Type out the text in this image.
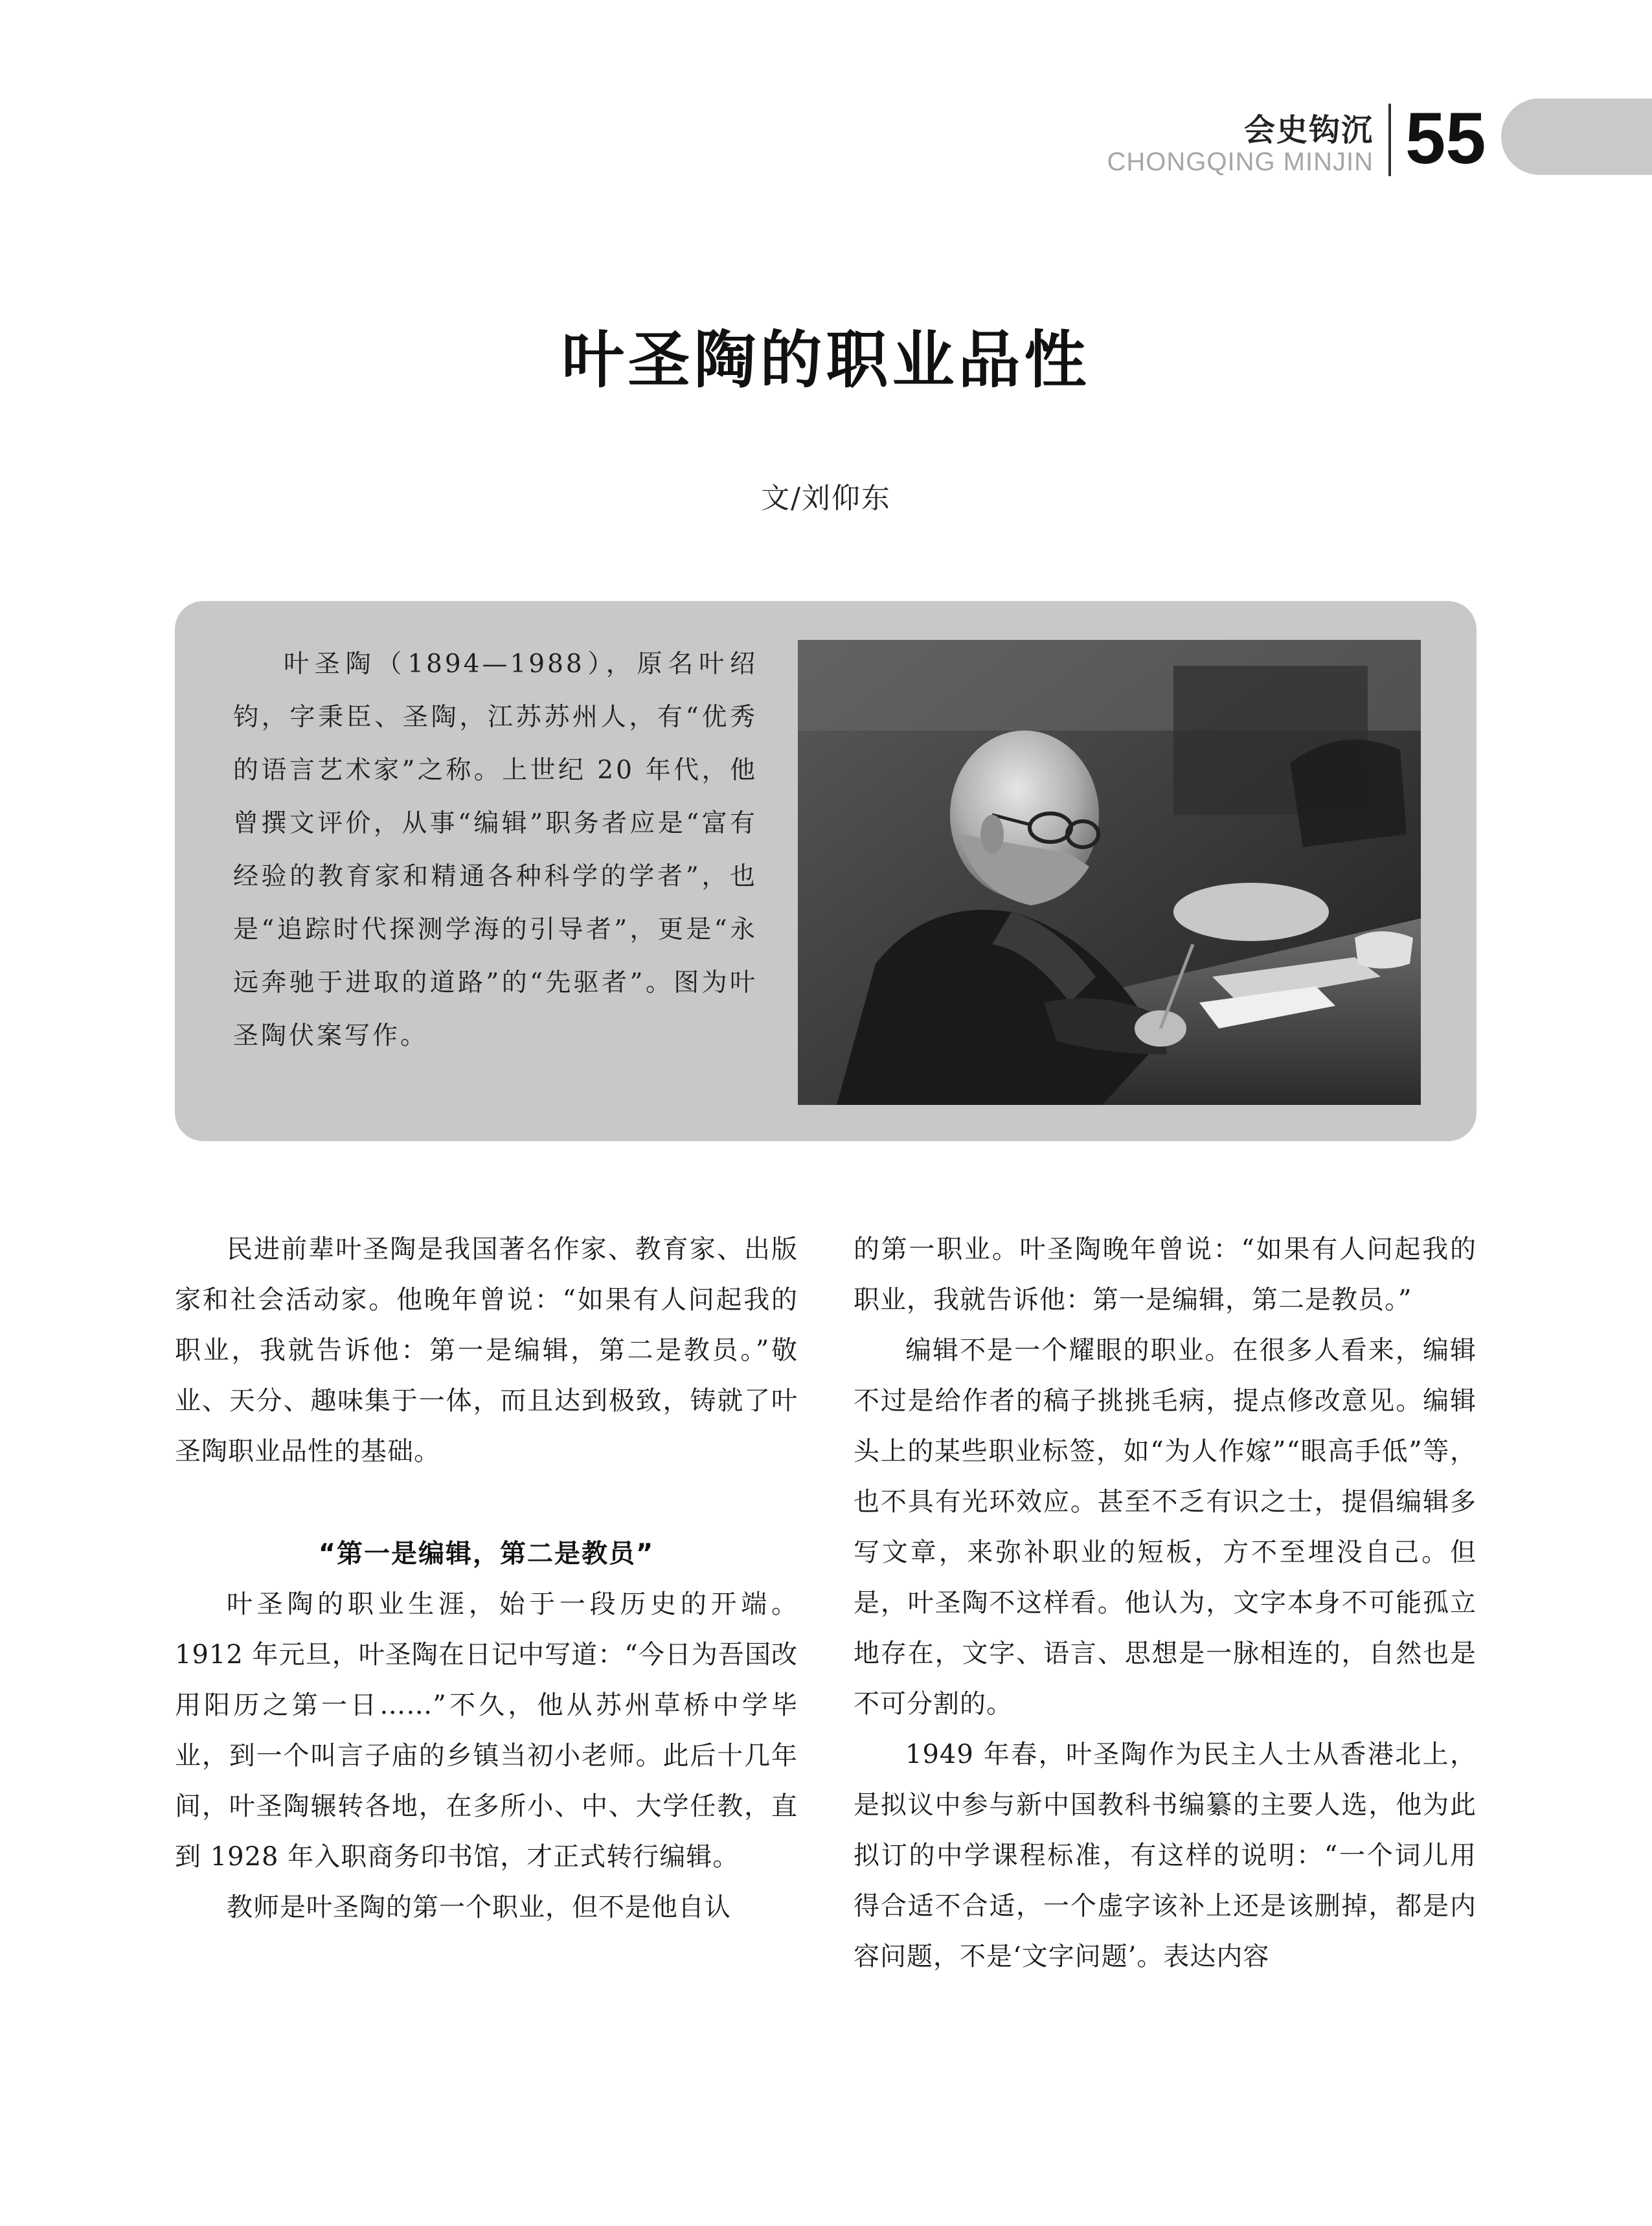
会史钩沉
CHONGQING MINJIN 55
叶圣陶的职业品性
文/刘仰东

叶圣陶（1894—1988），原名叶绍钧，字秉臣、圣陶，江苏苏州人，有“优秀的语言艺术家”之称。上世纪 20 年代，他曾撰文评价，从事“编辑”职务者应是“富有经验的教育家和精通各种科学的学者”，也是“追踪时代探测学海的引导者”，更是“永远奔驰于进取的道路”的“先驱者”。图为叶圣陶伏案写作。

民进前辈叶圣陶是我国著名作家、教育家、出版家和社会活动家。他晚年曾说：“如果有人问起我的职业，我就告诉他：第一是编辑，第二是教员。”敬业、天分、趣味集于一体，而且达到极致，铸就了叶圣陶职业品性的基础。

“第一是编辑，第二是教员”

叶圣陶的职业生涯，始于一段历史的开端。1912 年元旦，叶圣陶在日记中写道：“今日为吾国改用阳历之第一日……”不久，他从苏州草桥中学毕业，到一个叫言子庙的乡镇当初小老师。此后十几年间，叶圣陶辗转各地，在多所小、中、大学任教，直到 1928 年入职商务印书馆，才正式转行编辑。

教师是叶圣陶的第一个职业，但不是他自认

的第一职业。叶圣陶晚年曾说：“如果有人问起我的职业，我就告诉他：第一是编辑，第二是教员。”

编辑不是一个耀眼的职业。在很多人看来，编辑不过是给作者的稿子挑挑毛病，提点修改意见。编辑头上的某些职业标签，如“为人作嫁”“眼高手低”等，也不具有光环效应。甚至不乏有识之士，提倡编辑多写文章，来弥补职业的短板，方不至埋没自己。但是，叶圣陶不这样看。他认为，文字本身不可能孤立地存在，文字、语言、思想是一脉相连的，自然也是不可分割的。

1949 年春，叶圣陶作为民主人士从香港北上，是拟议中参与新中国教科书编纂的主要人选，他为此拟订的中学课程标准，有这样的说明：“一个词儿用得合适不合适，一个虚字该补上还是该删掉，都是内容问题，不是‘文字问题’。表达内容
